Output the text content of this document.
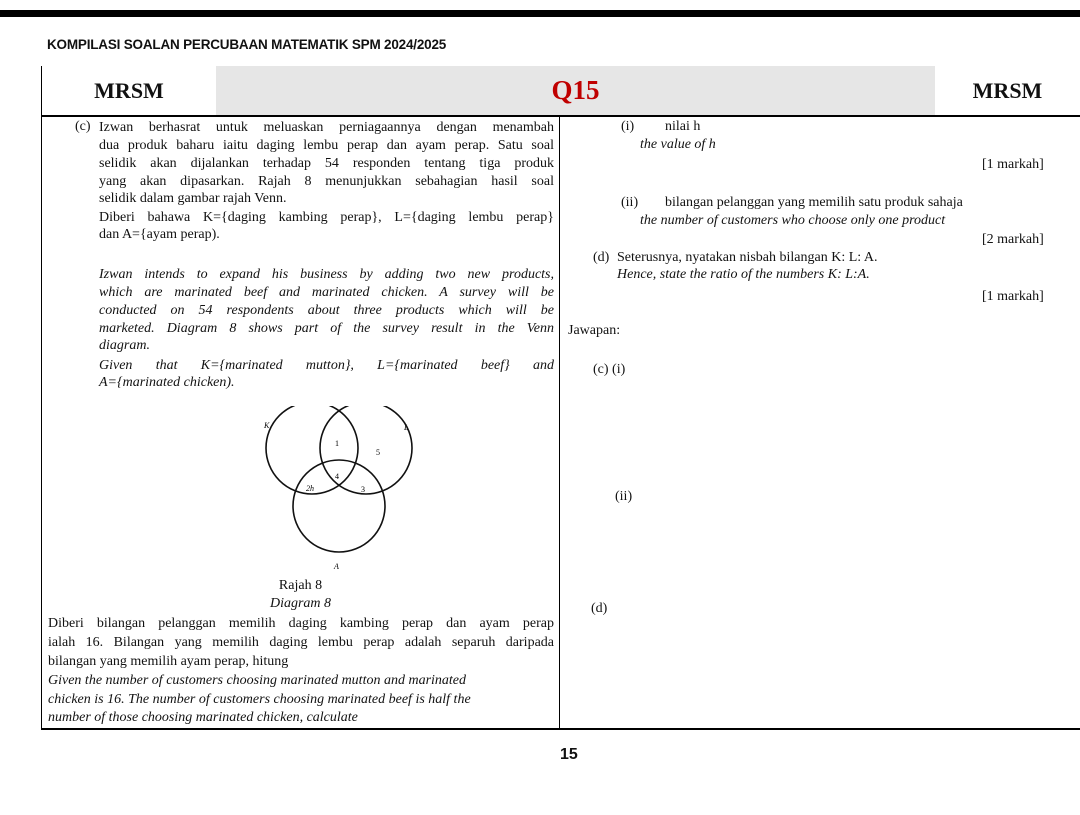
KOMPILASI SOALAN PERCUBAAN MATEMATIK SPM 2024/2025
MRSM	Q15	MRSM
(c) Izwan berhasrat untuk meluaskan perniagaannya dengan menambah
dua produk baharu iaitu daging lembu perap dan ayam perap. Satu soal
selidik akan dijalankan terhadap 54 responden tentang tiga produk
yang akan dipasarkan. Rajah 8 menunjukkan sebahagian hasil soal
selidik dalam gambar rajah Venn.
Diberi bahawa K={daging kambing perap}, L={daging lembu perap}
dan A={ayam perap).
Izwan intends to expand his business by adding two new products,
which are marinated beef and marinated chicken. A survey will be
conducted on 54 respondents about three products which will be
marketed. Diagram 8 shows part of the survey result in the Venn
diagram.
Given that K={marinated mutton}, L={marinated beef} and
A={marinated chicken).
K	L
A
1
5
4
2h	3
Rajah 8
Diagram 8
Diberi bilangan pelanggan memilih daging kambing perap dan ayam perap
ialah 16. Bilangan yang memilih daging lembu perap adalah separuh daripada
bilangan yang memilih ayam perap, hitung
Given the number of customers choosing marinated mutton and marinated
chicken is 16. The number of customers choosing marinated beef is half the
number of those choosing marinated chicken, calculate
(i) nilai h
the value of h
[1 markah]
(ii) bilangan pelanggan yang memilih satu produk sahaja
the number of customers who choose only one product
[2 markah]
(d) Seterusnya, nyatakan nisbah bilangan K: L: A.
Hence, state the ratio of the numbers K: L:A.
[1 markah]
Jawapan:
(c) (i)
(ii)
(d)
15
